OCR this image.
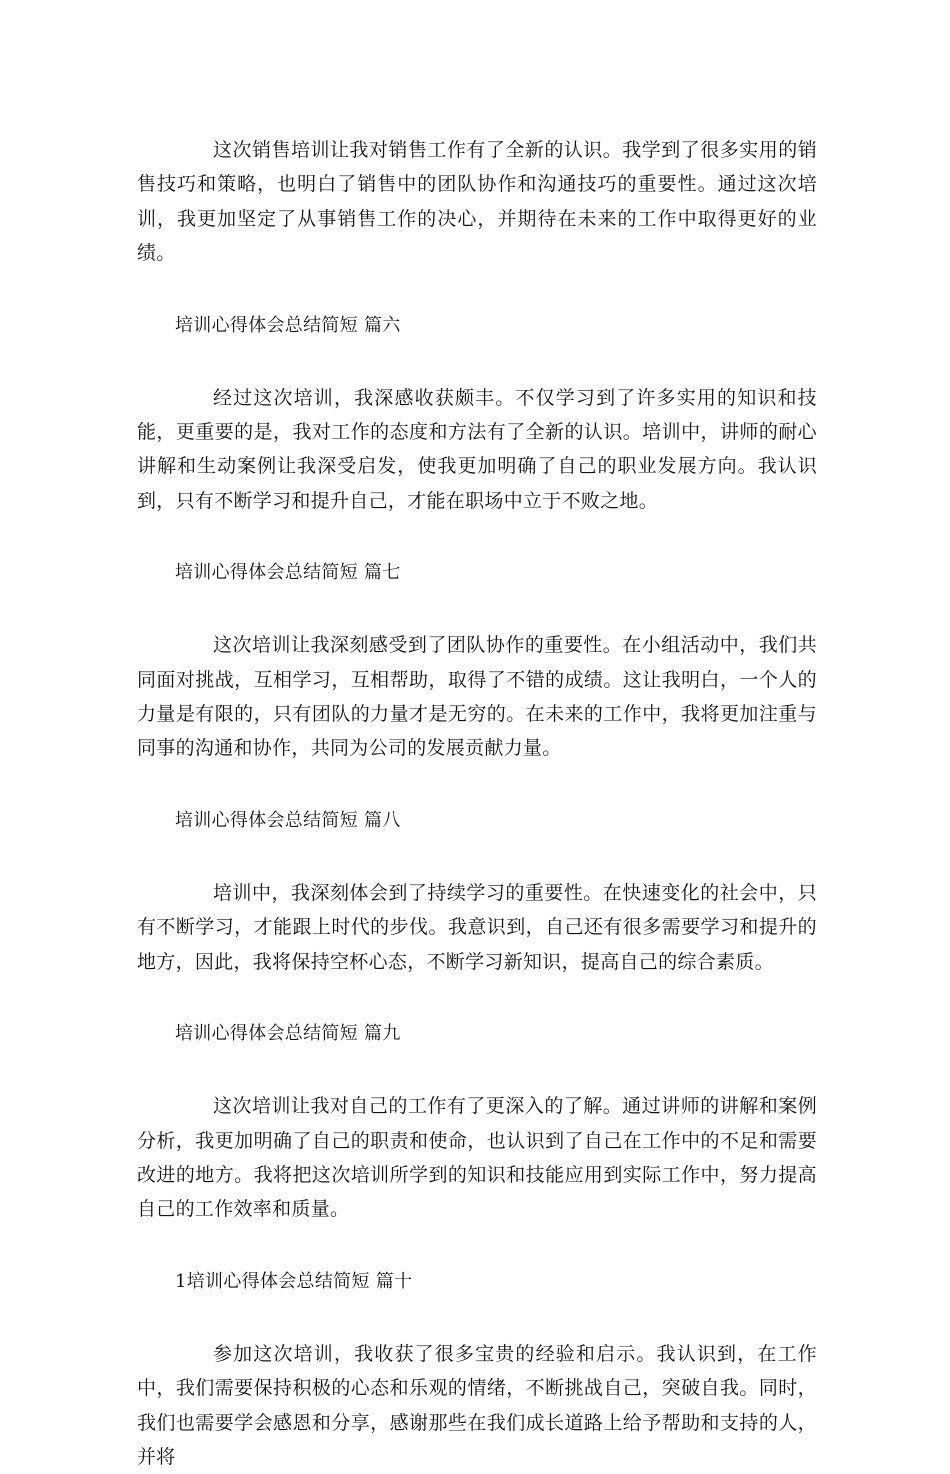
这次销售培训让我对销售工作有了全新的认识。我学到了很多实用的销售技巧和策略，也明白了销售中的团队协作和沟通技巧的重要性。通过这次培训，我更加坚定了从事销售工作的决心，并期待在未来的工作中取得更好的业绩。

培训心得体会总结简短 篇六

经过这次培训，我深感收获颇丰。不仅学习到了许多实用的知识和技能，更重要的是，我对工作的态度和方法有了全新的认识。培训中，讲师的耐心讲解和生动案例让我深受启发，使我更加明确了自己的职业发展方向。我认识到，只有不断学习和提升自己，才能在职场中立于不败之地。

培训心得体会总结简短 篇七

这次培训让我深刻感受到了团队协作的重要性。在小组活动中，我们共同面对挑战，互相学习，互相帮助，取得了不错的成绩。这让我明白，一个人的力量是有限的，只有团队的力量才是无穷的。在未来的工作中，我将更加注重与同事的沟通和协作，共同为公司的发展贡献力量。

培训心得体会总结简短 篇八

培训中，我深刻体会到了持续学习的重要性。在快速变化的社会中，只有不断学习，才能跟上时代的步伐。我意识到，自己还有很多需要学习和提升的地方，因此，我将保持空杯心态，不断学习新知识，提高自己的综合素质。

培训心得体会总结简短 篇九

这次培训让我对自己的工作有了更深入的了解。通过讲师的讲解和案例分析，我更加明确了自己的职责和使命，也认识到了自己在工作中的不足和需要改进的地方。我将把这次培训所学到的知识和技能应用到实际工作中，努力提高自己的工作效率和质量。

1培训心得体会总结简短 篇十

参加这次培训，我收获了很多宝贵的经验和启示。我认识到，在工作中，我们需要保持积极的心态和乐观的情绪，不断挑战自己，突破自我。同时，我们也需要学会感恩和分享，感谢那些在我们成长道路上给予帮助和支持的人，并将
